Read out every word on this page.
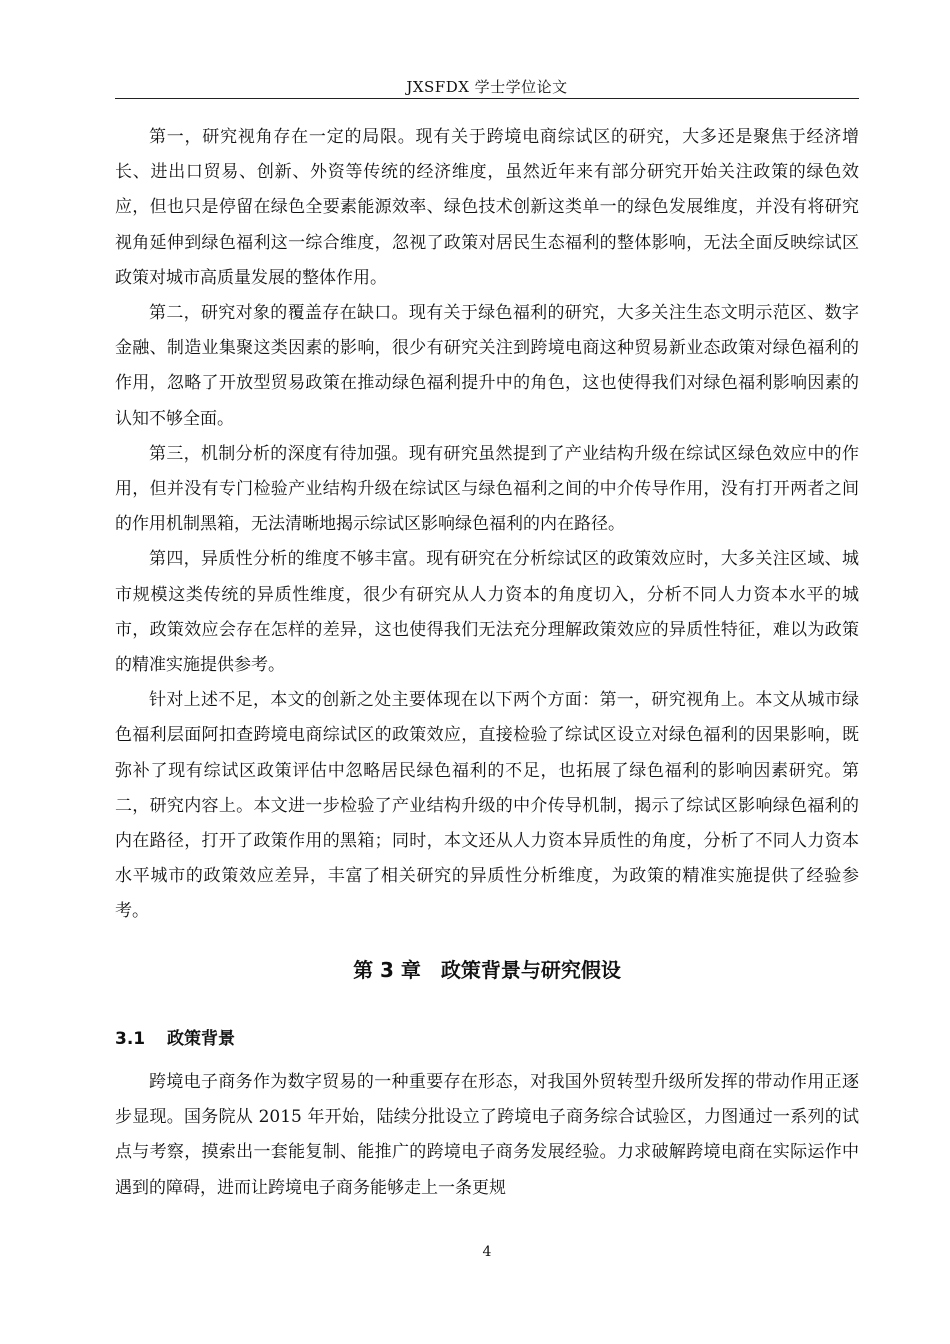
JXSFDX 学士学位论文

第一，研究视角存在一定的局限。现有关于跨境电商综试区的研究，大多还是聚焦于经济增长、进出口贸易、创新、外资等传统的经济维度，虽然近年来有部分研究开始关注政策的绿色效应，但也只是停留在绿色全要素能源效率、绿色技术创新这类单一的绿色发展维度，并没有将研究视角延伸到绿色福利这一综合维度，忽视了政策对居民生态福利的整体影响，无法全面反映综试区政策对城市高质量发展的整体作用。

第二，研究对象的覆盖存在缺口。现有关于绿色福利的研究，大多关注生态文明示范区、数字金融、制造业集聚这类因素的影响，很少有研究关注到跨境电商这种贸易新业态政策对绿色福利的作用，忽略了开放型贸易政策在推动绿色福利提升中的角色，这也使得我们对绿色福利影响因素的认知不够全面。

第三，机制分析的深度有待加强。现有研究虽然提到了产业结构升级在综试区绿色效应中的作用，但并没有专门检验产业结构升级在综试区与绿色福利之间的中介传导作用，没有打开两者之间的作用机制黑箱，无法清晰地揭示综试区影响绿色福利的内在路径。

第四，异质性分析的维度不够丰富。现有研究在分析综试区的政策效应时，大多关注区域、城市规模这类传统的异质性维度，很少有研究从人力资本的角度切入，分析不同人力资本水平的城市，政策效应会存在怎样的差异，这也使得我们无法充分理解政策效应的异质性特征，难以为政策的精准实施提供参考。

针对上述不足，本文的创新之处主要体现在以下两个方面：第一，研究视角上。本文从城市绿色福利层面阿扣查跨境电商综试区的政策效应，直接检验了综试区设立对绿色福利的因果影响，既弥补了现有综试区政策评估中忽略居民绿色福利的不足，也拓展了绿色福利的影响因素研究。第二，研究内容上。本文进一步检验了产业结构升级的中介传导机制，揭示了综试区影响绿色福利的内在路径，打开了政策作用的黑箱；同时，本文还从人力资本异质性的角度，分析了不同人力资本水平城市的政策效应差异，丰富了相关研究的异质性分析维度，为政策的精准实施提供了经验参考。

第 3 章　政策背景与研究假设
3.1 政策背景

跨境电子商务作为数字贸易的一种重要存在形态，对我国外贸转型升级所发挥的带动作用正逐步显现。国务院从 2015 年开始，陆续分批设立了跨境电子商务综合试验区，力图通过一系列的试点与考察，摸索出一套能复制、能推广的跨境电子商务发展经验。力求破解跨境电商在实际运作中遇到的障碍，进而让跨境电子商务能够走上一条更规

4
